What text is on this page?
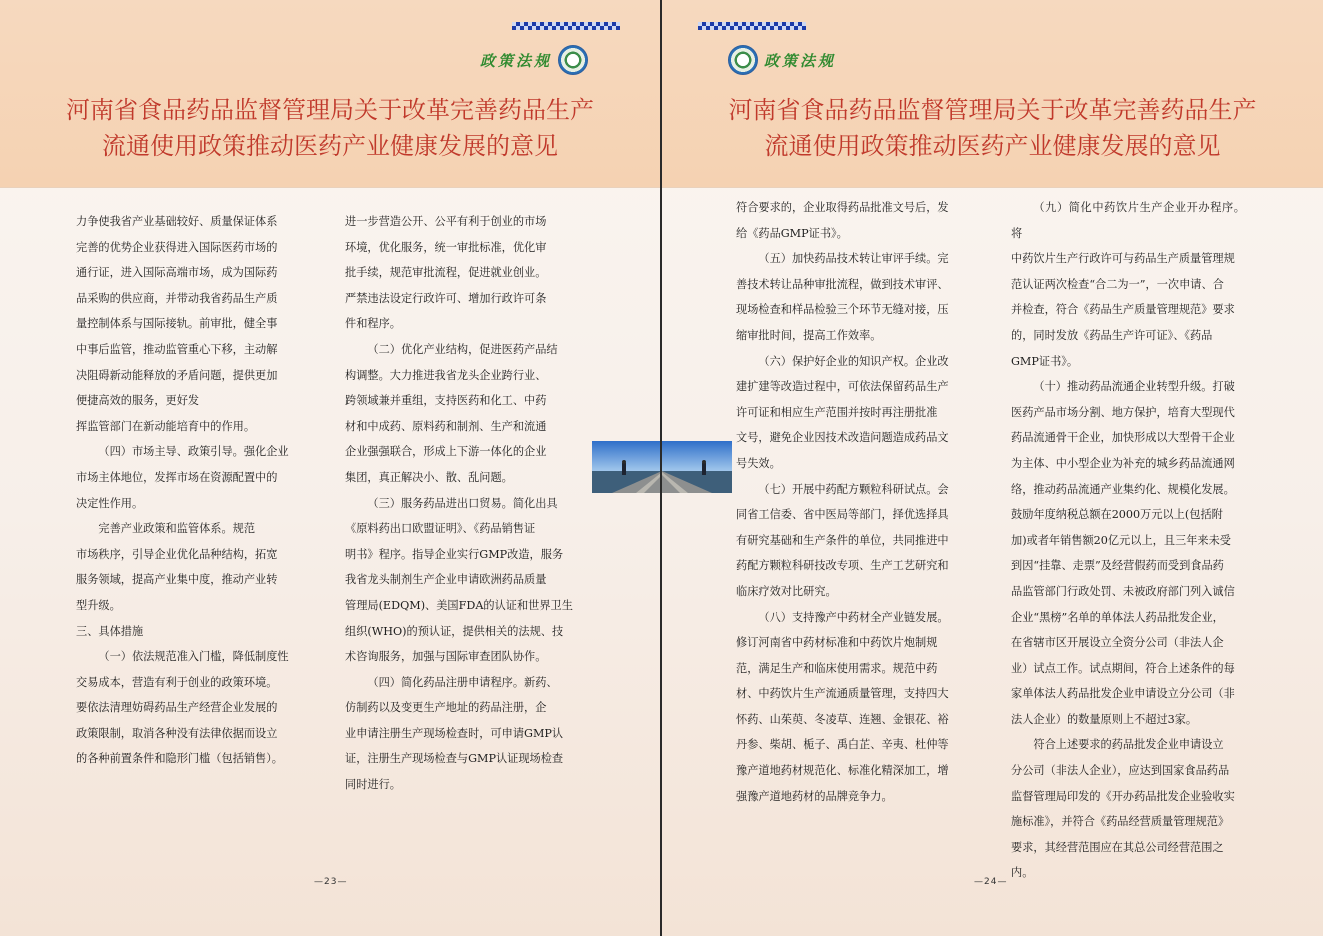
政策法规
河南省食品药品监督管理局关于改革完善药品生产
流通使用政策推动医药产业健康发展的意见

力争使我省产业基础较好、质量保证体系

完善的优势企业获得进入国际医药市场的

通行证，进入国际高端市场，成为国际药

品采购的供应商，并带动我省药品生产质

量控制体系与国际接轨。前审批，健全事

中事后监管，推动监管重心下移，主动解

决阻碍新动能释放的矛盾问题，提供更加

便捷高效的服务，更好发

挥监管部门在新动能培育中的作用。

（四）市场主导、政策引导。强化企业

市场主体地位，发挥市场在资源配置中的

决定性作用。

完善产业政策和监管体系。规范

市场秩序，引导企业优化品种结构，拓宽

服务领域，提高产业集中度，推动产业转

型升级。

三、具体措施

（一）依法规范准入门槛，降低制度性

交易成本，营造有利于创业的政策环境。

要依法清理妨碍药品生产经营企业发展的

政策限制，取消各种没有法律依据而设立

的各种前置条件和隐形门槛（包括销售）。

进一步营造公开、公平有利于创业的市场

环境，优化服务，统一审批标准，优化审

批手续，规范审批流程，促进就业创业。

严禁违法设定行政许可、增加行政许可条

件和程序。

（二）优化产业结构，促进医药产品结

构调整。大力推进我省龙头企业跨行业、

跨领域兼并重组，支持医药和化工、中药

材和中成药、原料药和制剂、生产和流通

企业强强联合，形成上下游一体化的企业

集团，真正解决小、散、乱问题。

（三）服务药品进出口贸易。简化出具

《原料药出口欧盟证明》、《药品销售证

明书》程序。指导企业实行GMP改造，服务

我省龙头制剂生产企业申请欧洲药品质量

管理局(EDQM)、美国FDA的认证和世界卫生

组织(WHO)的预认证，提供相关的法规、技

术咨询服务，加强与国际审查团队协作。

（四）简化药品注册申请程序。新药、

仿制药以及变更生产地址的药品注册，企

业申请注册生产现场检查时，可申请GMP认

证，注册生产现场检查与GMP认证现场检查

同时进行。

—23—
政策法规
河南省食品药品监督管理局关于改革完善药品生产
流通使用政策推动医药产业健康发展的意见

符合要求的，企业取得药品批准文号后，发

给《药品GMP证书》。

（五）加快药品技术转让审评手续。完

善技术转让品种审批流程，做到技术审评、

现场检查和样品检验三个环节无缝对接，压

缩审批时间，提高工作效率。

（六）保护好企业的知识产权。企业改

建扩建等改造过程中，可依法保留药品生产

许可证和相应生产范围并按时再注册批准

文号，避免企业因技术改造问题造成药品文

号失效。

（七）开展中药配方颗粒科研试点。会

同省工信委、省中医局等部门，择优选择具

有研究基础和生产条件的单位，共同推进中

药配方颗粒科研技改专项、生产工艺研究和

临床疗效对比研究。

（八）支持豫产中药材全产业链发展。

修订河南省中药材标准和中药饮片炮制规

范，满足生产和临床使用需求。规范中药

材、中药饮片生产流通质量管理，支持四大

怀药、山茱萸、冬凌草、连翘、金银花、裕

丹参、柴胡、栀子、禹白芷、辛夷、杜仲等

豫产道地药材规范化、标准化精深加工，增

强豫产道地药材的品牌竞争力。

（九）简化中药饮片生产企业开办程序。将

中药饮片生产行政许可与药品生产质量管理规

范认证两次检查“合二为一”，一次申请、合

并检查，符合《药品生产质量管理规范》要求

的，同时发放《药品生产许可证》、《药品

GMP证书》。

（十）推动药品流通企业转型升级。打破

医药产品市场分割、地方保护，培育大型现代

药品流通骨干企业，加快形成以大型骨干企业

为主体、中小型企业为补充的城乡药品流通网

络，推动药品流通产业集约化、规模化发展。

鼓励年度纳税总额在2000万元以上(包括附

加)或者年销售额20亿元以上，且三年来未受

到因“挂靠、走票”及经营假药而受到食品药

品监管部门行政处罚、未被政府部门列入诚信

企业“黑榜”名单的单体法人药品批发企业，

在省辖市区开展设立全资分公司（非法人企

业）试点工作。试点期间，符合上述条件的每

家单体法人药品批发企业申请设立分公司（非

法人企业）的数量原则上不超过3家。

符合上述要求的药品批发企业申请设立

分公司（非法人企业），应达到国家食品药品

监督管理局印发的《开办药品批发企业验收实

施标准》，并符合《药品经营质量管理规范》

要求，其经营范围应在其总公司经营范围之

内。

—24—
